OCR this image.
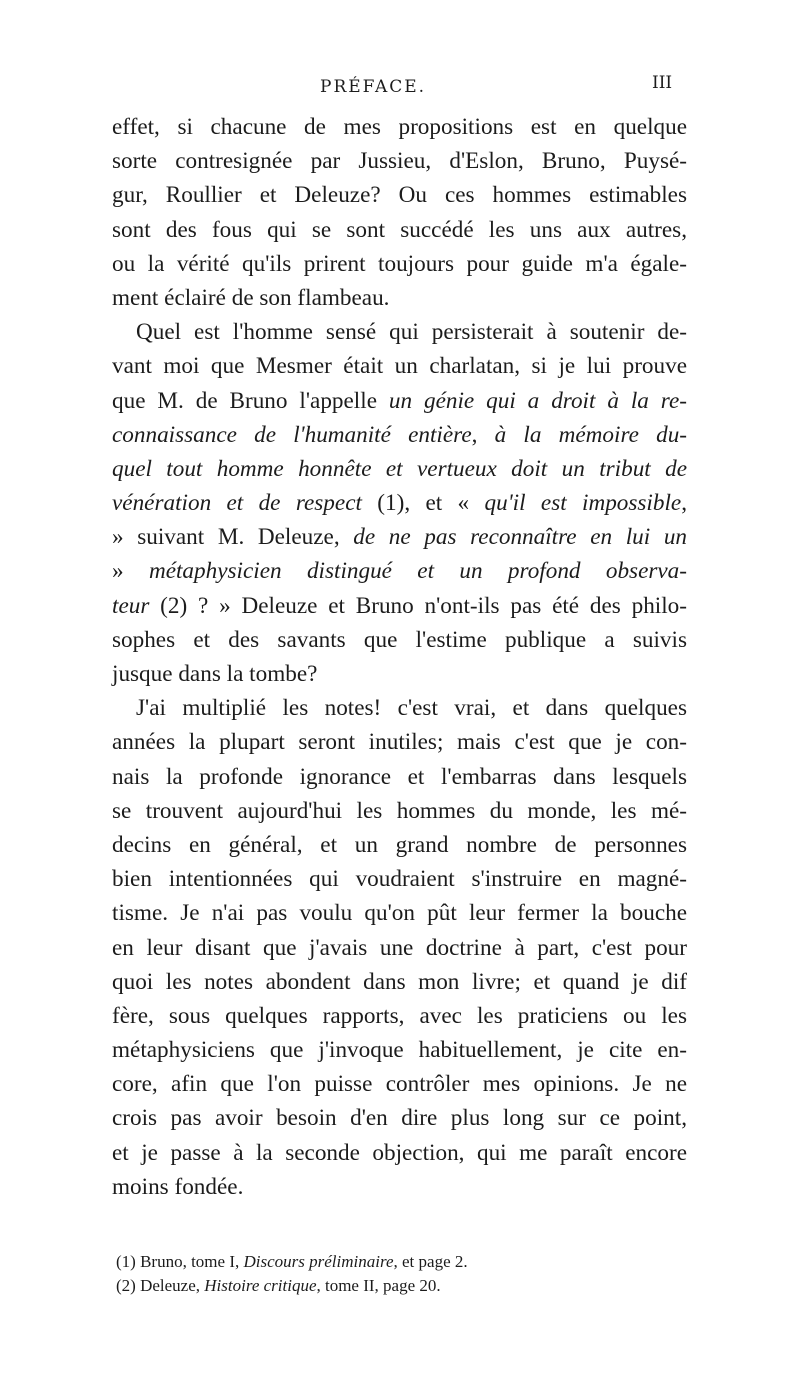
PRÉFACE.	III
effet, si chacune de mes propositions est en quelque
sorte contresignée par Jussieu, d'Eslon, Bruno, Puysé-
gur, Roullier et Deleuze? Ou ces hommes estimables
sont des fous qui se sont succédé les uns aux autres,
ou la vérité qu'ils prirent toujours pour guide m'a égale-
ment éclairé de son flambeau.
Quel est l'homme sensé qui persisterait à soutenir de-
vant moi que Mesmer était un charlatan, si je lui prouve
que M. de Bruno l'appelle un génie qui a droit à la re-
connaissance de l'humanité entière, à la mémoire du-
quel tout homme honnête et vertueux doit un tribut de
vénération et de respect (1), et « qu'il est impossible,
» suivant M. Deleuze, de ne pas reconnaître en lui un
» métaphysicien distingué et un profond observa-
teur (2) ? » Deleuze et Bruno n'ont-ils pas été des philo-
sophes et des savants que l'estime publique a suivis
jusque dans la tombe?
J'ai multiplié les notes! c'est vrai, et dans quelques
années la plupart seront inutiles; mais c'est que je con-
nais la profonde ignorance et l'embarras dans lesquels
se trouvent aujourd'hui les hommes du monde, les mé-
decins en général, et un grand nombre de personnes
bien intentionnées qui voudraient s'instruire en magné-
tisme. Je n'ai pas voulu qu'on pût leur fermer la bouche
en leur disant que j'avais une doctrine à part, c'est pour
quoi les notes abondent dans mon livre; et quand je dif
fère, sous quelques rapports, avec les praticiens ou les
métaphysiciens que j'invoque habituellement, je cite en-
core, afin que l'on puisse contrôler mes opinions. Je ne
crois pas avoir besoin d'en dire plus long sur ce point,
et je passe à la seconde objection, qui me paraît encore
moins fondée.
(1) Bruno, tome I, Discours préliminaire, et page 2.
(2) Deleuze, Histoire critique, tome II, page 20.
